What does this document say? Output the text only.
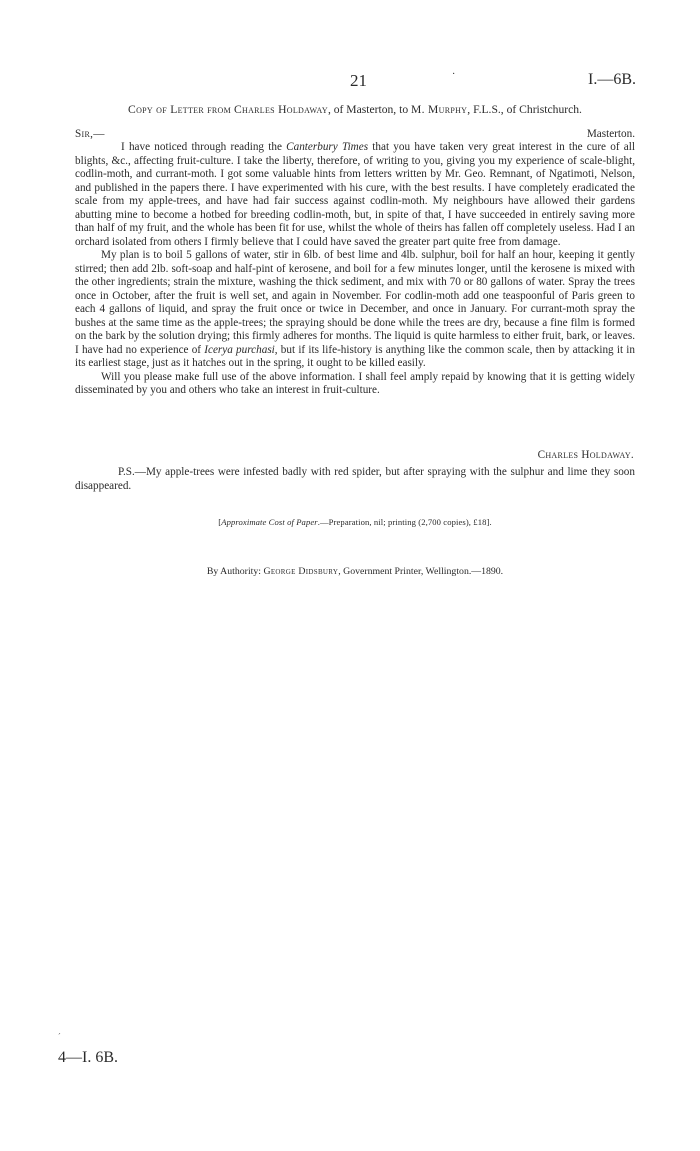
21	·	I.—6B.
Copy of Letter from Charles Holdaway, of Masterton, to M. Murphy, F.L.S., of Christchurch.
Sir,—	Masterton.

I have noticed through reading the Canterbury Times that you have taken very great interest in the cure of all blights, &c., affecting fruit-culture. I take the liberty, therefore, of writing to you, giving you my experience of scale-blight, codlin-moth, and currant-moth. I got some valuable hints from letters written by Mr. Geo. Remnant, of Ngatimoti, Nelson, and published in the papers there. I have experimented with his cure, with the best results. I have completely eradicated the scale from my apple-trees, and have had fair success against codlin-moth. My neighbours have allowed their gardens abutting mine to become a hotbed for breeding codlin-moth, but, in spite of that, I have succeeded in entirely saving more than half of my fruit, and the whole has been fit for use, whilst the whole of theirs has fallen off completely useless. Had I an orchard isolated from others I firmly believe that I could have saved the greater part quite free from damage.

My plan is to boil 5 gallons of water, stir in 6lb. of best lime and 4lb. sulphur, boil for half an hour, keeping it gently stirred; then add 2lb. soft-soap and half-pint of kerosene, and boil for a few minutes longer, until the kerosene is mixed with the other ingredients; strain the mixture, washing the thick sediment, and mix with 70 or 80 gallons of water. Spray the trees once in October, after the fruit is well set, and again in November. For codlin-moth add one teaspoonful of Paris green to each 4 gallons of liquid, and spray the fruit once or twice in December, and once in January. For currant-moth spray the bushes at the same time as the apple-trees; the spraying should be done while the trees are dry, because a fine film is formed on the bark by the solution drying; this firmly adheres for months. The liquid is quite harmless to either fruit, bark, or leaves. I have had no experience of Icerya purchasi, but if its life-history is anything like the common scale, then by attacking it in its earliest stage, just as it hatches out in the spring, it ought to be killed easily.

Will you please make full use of the above information. I shall feel amply repaid by knowing that it is getting widely disseminated by you and others who take an interest in fruit-culture.

Charles Holdaway.

P.S.—My apple-trees were infested badly with red spider, but after spraying with the sulphur and lime they soon disappeared.

[Approximate Cost of Paper.—Preparation, nil; printing (2,700 copies), £18].
By Authority: George Didsbury, Government Printer, Wellington.—1890.
ˊ
4—I. 6B.
